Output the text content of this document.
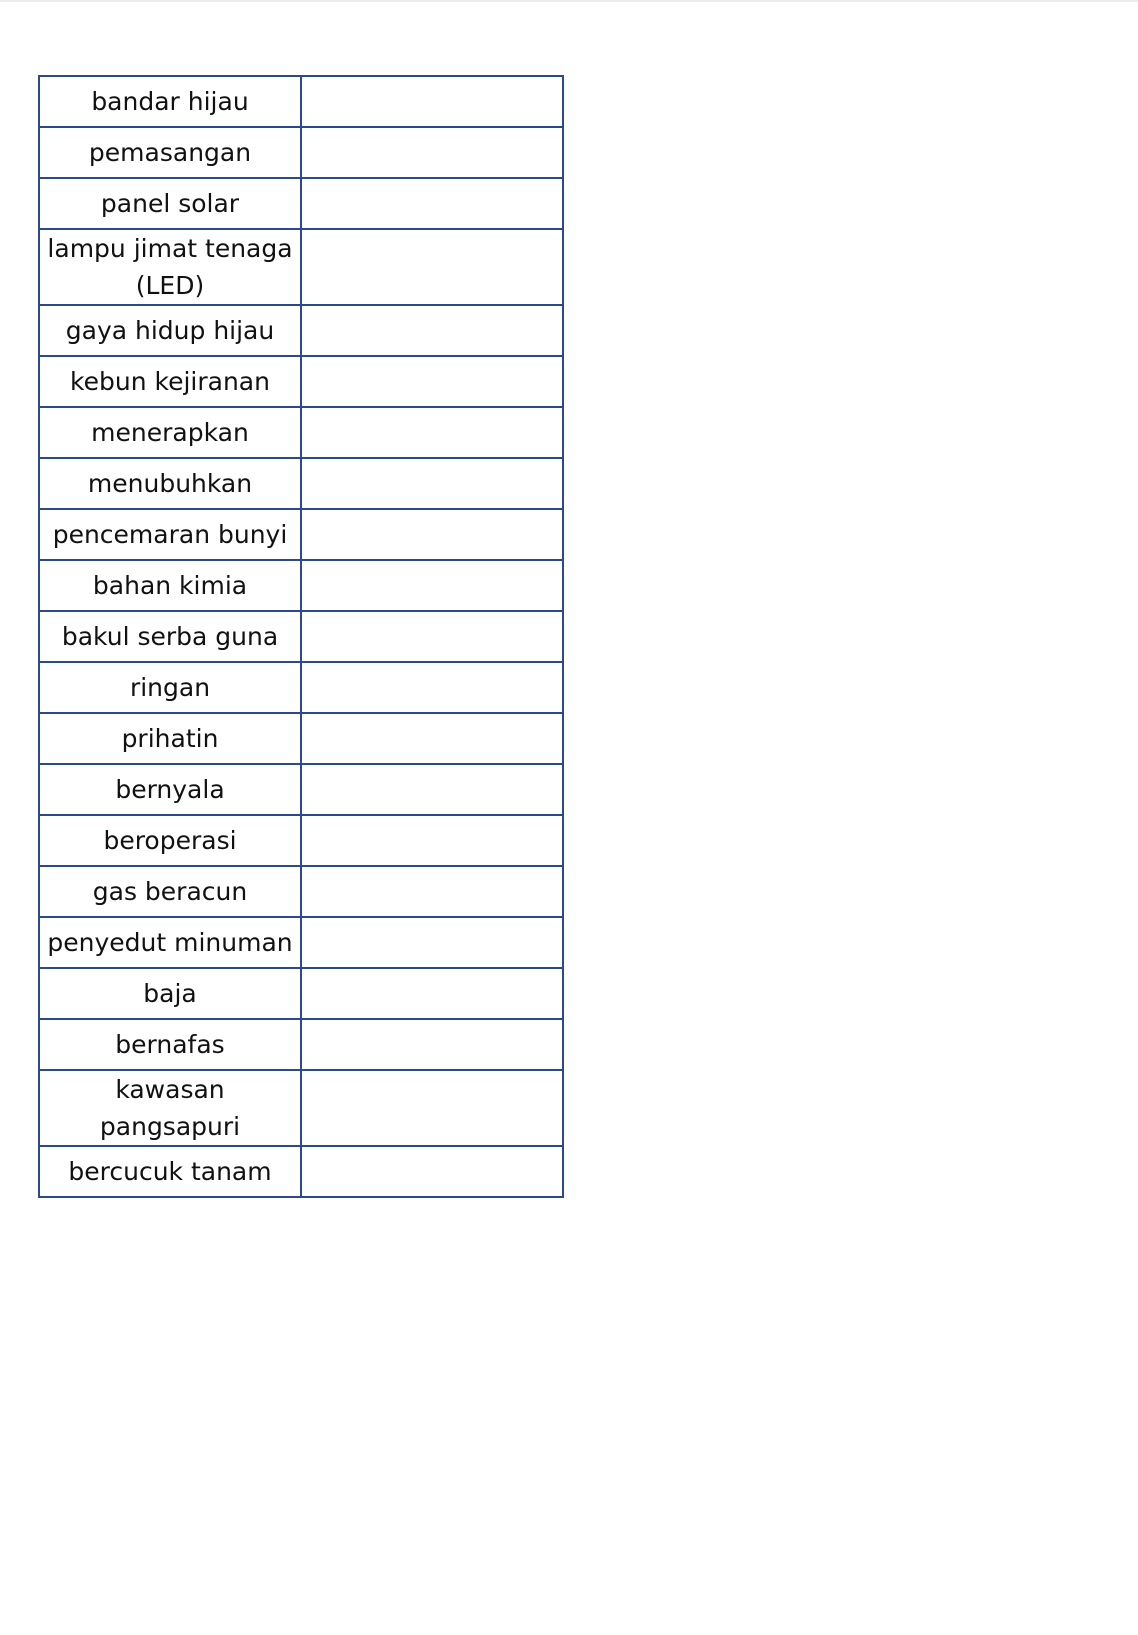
bandar hijau	
pemasangan	
panel solar	
lampu jimat tenaga (LED)	
gaya hidup hijau	
kebun kejiranan	
menerapkan	
menubuhkan	
pencemaran bunyi	
bahan kimia	
bakul serba guna	
ringan	
prihatin	
bernyala	
beroperasi	
gas beracun	
penyedut minuman	
baja	
bernafas	
kawasan pangsapuri	
bercucuk tanam	
